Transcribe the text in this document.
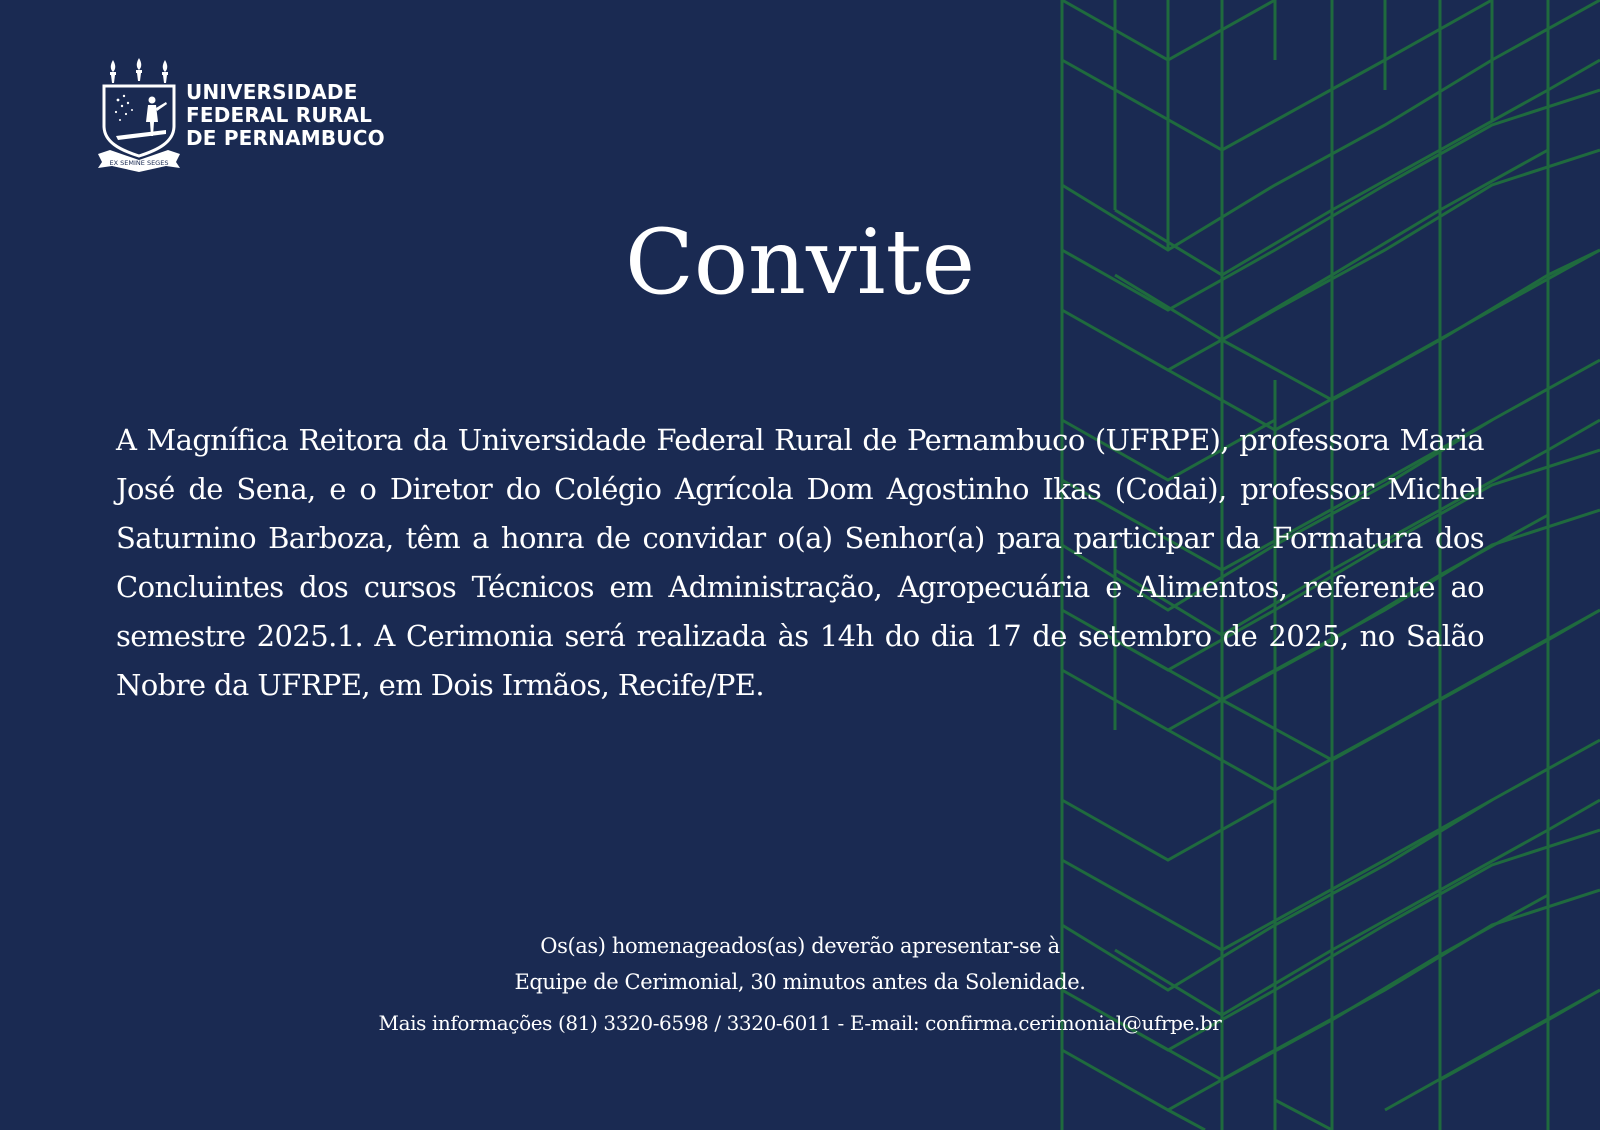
EX SEMINE SEGES
UNIVERSIDADE
FEDERAL RURAL
DE PERNAMBUCO
Convite

A Magnífica Reitora da Universidade Federal Rural de Pernambuco (UFRPE), professora Maria José de Sena, e o Diretor do Colégio Agrícola Dom Agostinho Ikas (Codai), professor Michel Saturnino Barboza, têm a honra de convidar o(a) Senhor(a) para participar da Formatura dos Concluintes dos cursos Técnicos em Administração, Agropecuária e Alimentos, referente ao semestre 2025.1. A Cerimonia será realizada às 14h do dia 17 de setembro de 2025, no Salão Nobre da UFRPE, em Dois Irmãos, Recife/PE.

Os(as) homenageados(as) deverão apresentar-se à
Equipe de Cerimonial, 30 minutos antes da Solenidade.
Mais informações (81) 3320-6598 / 3320-6011 - E-mail: confirma.cerimonial@ufrpe.br
